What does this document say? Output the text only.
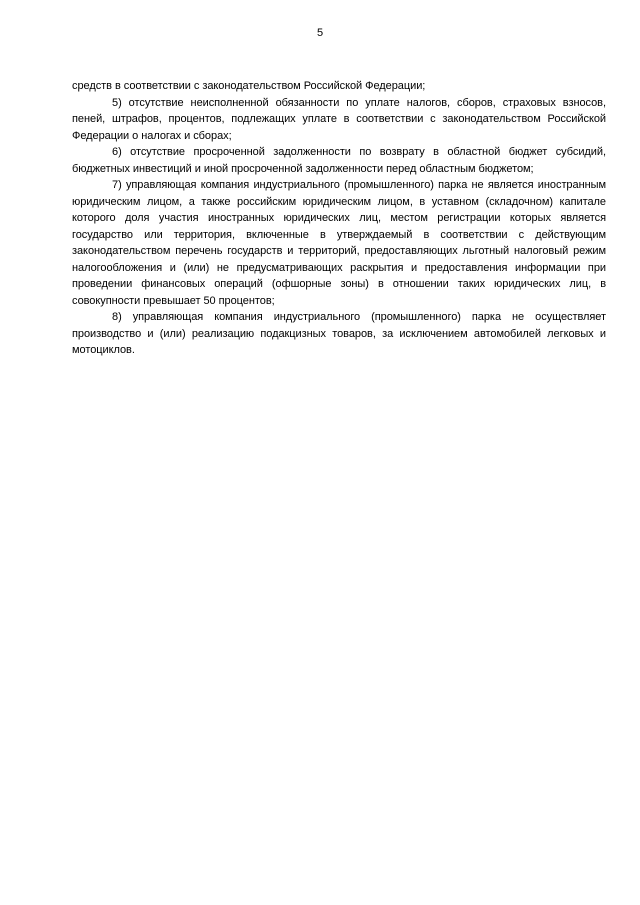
5

средств в соответствии с законодательством Российской Федерации;

5) отсутствие неисполненной обязанности по уплате налогов, сборов, страховых взносов, пеней, штрафов, процентов, подлежащих уплате в соответствии с законодательством Российской Федерации о налогах и сборах;

6) отсутствие просроченной задолженности по возврату в областной бюджет субсидий, бюджетных инвестиций и иной просроченной задолженности перед областным бюджетом;

7) управляющая компания индустриального (промышленного) парка не является иностранным юридическим лицом, а также российским юридическим лицом, в уставном (складочном) капитале которого доля участия иностранных юридических лиц, местом регистрации которых является государство или территория, включенные в утверждаемый в соответствии с действующим законодательством перечень государств и территорий, предоставляющих льготный налоговый режим налогообложения и (или) не предусматривающих раскрытия и предоставления информации при проведении финансовых операций (офшорные зоны) в отношении таких юридических лиц, в совокупности превышает 50 процентов;

8) управляющая компания индустриального (промышленного) парка не осуществляет производство и (или) реализацию подакцизных товаров, за исключением автомобилей легковых и мотоциклов.
